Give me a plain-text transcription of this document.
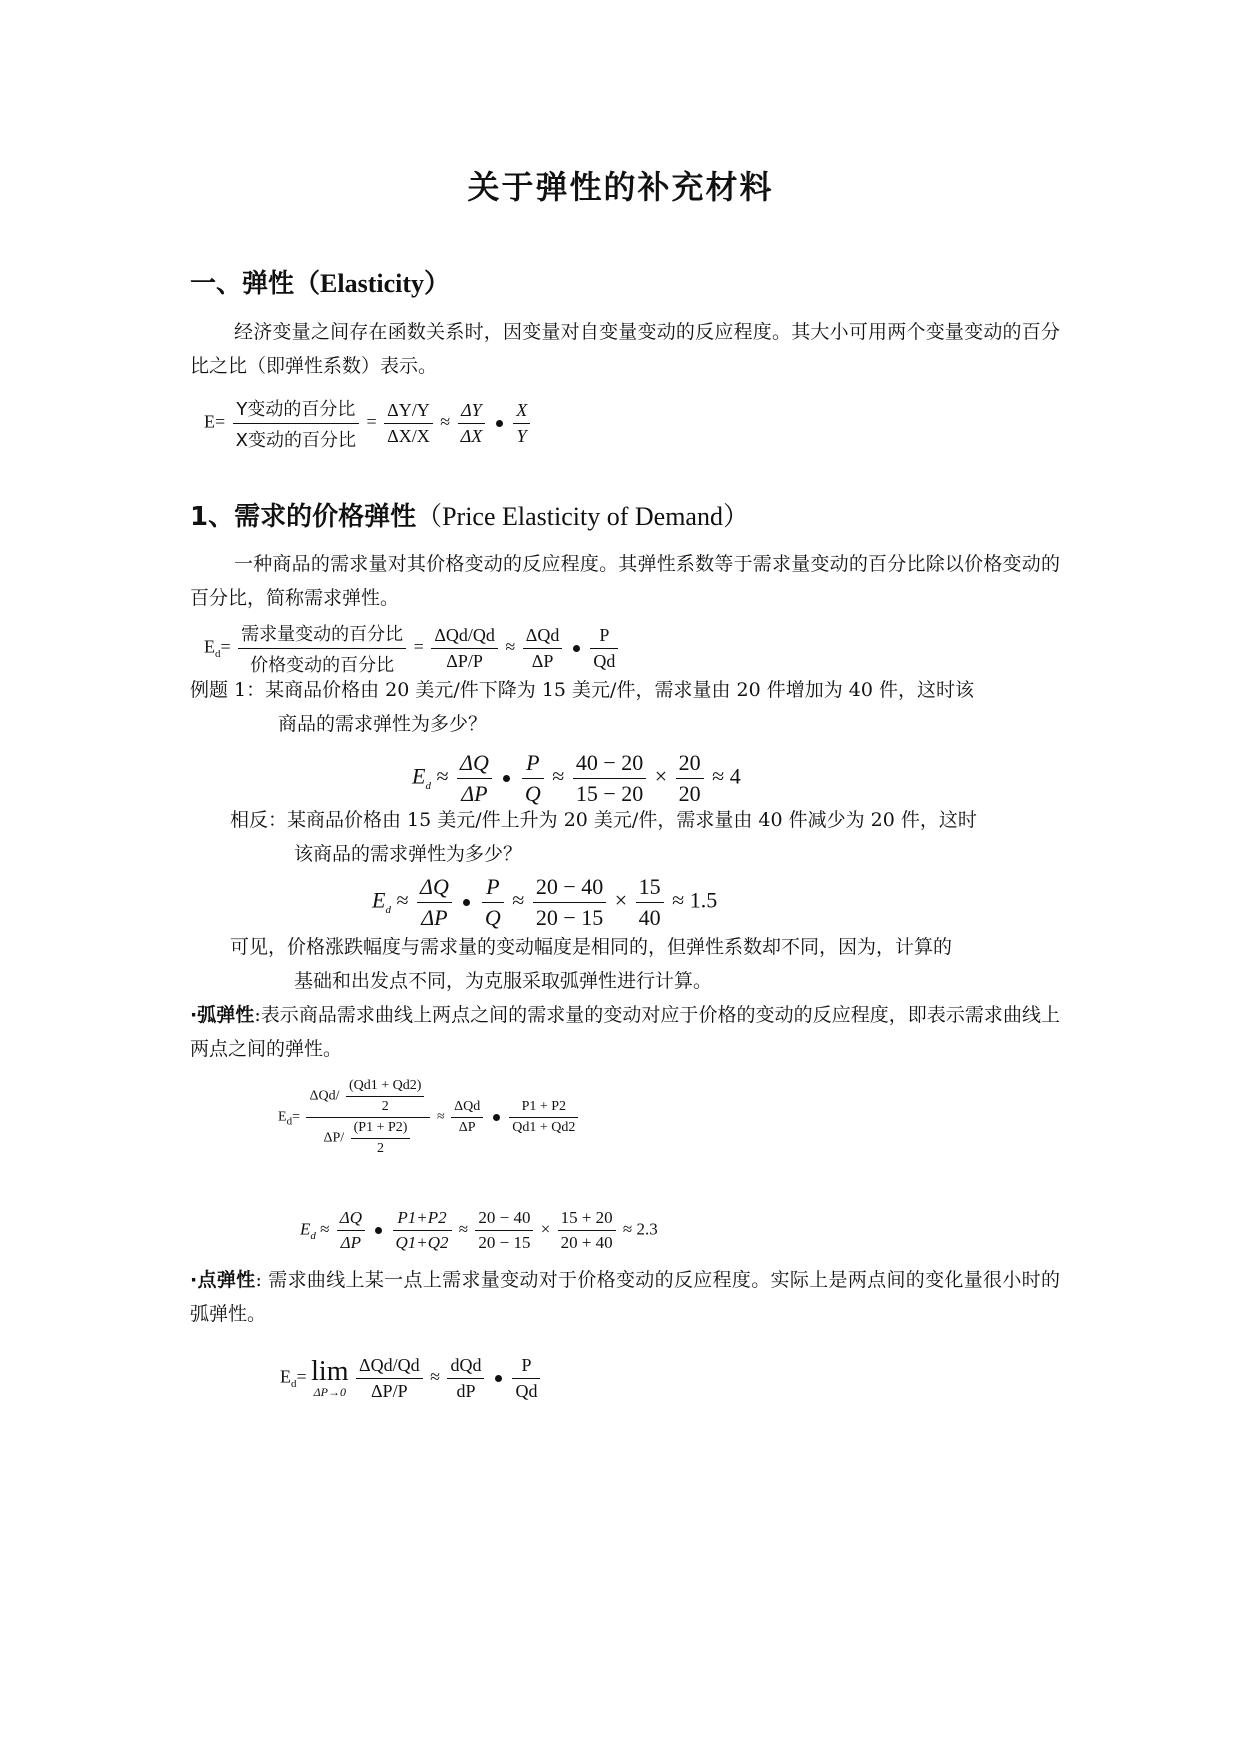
关于弹性的补充材料
一、弹性（Elasticity）
经济变量之间存在函数关系时，因变量对自变量变动的反应程度。其大小可用两个变量变动的百分比之比（即弹性系数）表示。
$E= \frac{\text{Y变动的百分比}}{\text{X变动的百分比}} = \frac{\Delta Y/Y}{\Delta X/X} \approx \frac{\Delta Y}{\Delta X}$
$\frac{X}{Y}$
1、需求的价格弹性（Price Elasticity of Demand）
一种商品的需求量对其价格变动的反应程度。其弹性系数等于需求量变动的百分比除以价格变动的百分比，简称需求弹性。
$E_d= \frac{\text{需求量变动的百分比}}{\text{价格变动的百分比}} = \frac{\text{ΔQd/Qd}}{\Delta P/P} \approx \frac{\text{ΔQd}}{\Delta P}$
$\frac{P}{Qd}$
例题 1：某商品价格由 20 美元/件下降为 15 美元/件，需求量由 20 件增加为 40 件，这时该
商品的需求弹性为多少？
$E_d \approx \frac{\Delta Q}{\Delta P}$
$\frac{P}{Q} \approx \frac{40 - 20}{15 - 20} \times \frac{20}{20} \approx 4$
相反：某商品价格由 15 美元/件上升为 20 美元/件，需求量由 40 件减少为 20 件，这时
该商品的需求弹性为多少？
$E_d \approx \frac{\Delta Q}{\Delta P}$
$\frac{P}{Q} \approx \frac{20 - 40}{20 - 15} \times \frac{15}{40} \approx 1.5$
可见，价格涨跌幅度与需求量的变动幅度是相同的，但弹性系数却不同，因为，计算的
基础和出发点不同，为克服采取弧弹性进行计算。
·弧弹性:表示商品需求曲线上两点之间的需求量的变动对应于价格的变动的反应程度，即表示需求曲线上两点之间的弹性。
$E_d= \frac{\Delta Qd/ \frac{(Qd1 + Qd2)}{2}}{\Delta P/ \frac{(P1 + P2)}{2}} \approx \frac{\text{ΔQd}}{\Delta P}$
$\frac{P1 + P2}{Qd1 + Qd2}$
$E_d \approx \frac{\Delta Q}{\Delta P}$
$\frac{P1+P2}{Q1+Q2} \approx \frac{20 - 40}{20 - 15} \times \frac{15 + 20}{20 + 40} \approx 2.3$
·点弹性: 需求曲线上某一点上需求量变动对于价格变动的反应程度。实际上是两点间的变化量很小时的弧弹性。
$E_d= \lim$
ΔP→0
$\frac{\text{ΔQd/Qd}}{\Delta P/P} \approx \frac{\text{dQd}}{dP}$
$\frac{P}{Qd}$
